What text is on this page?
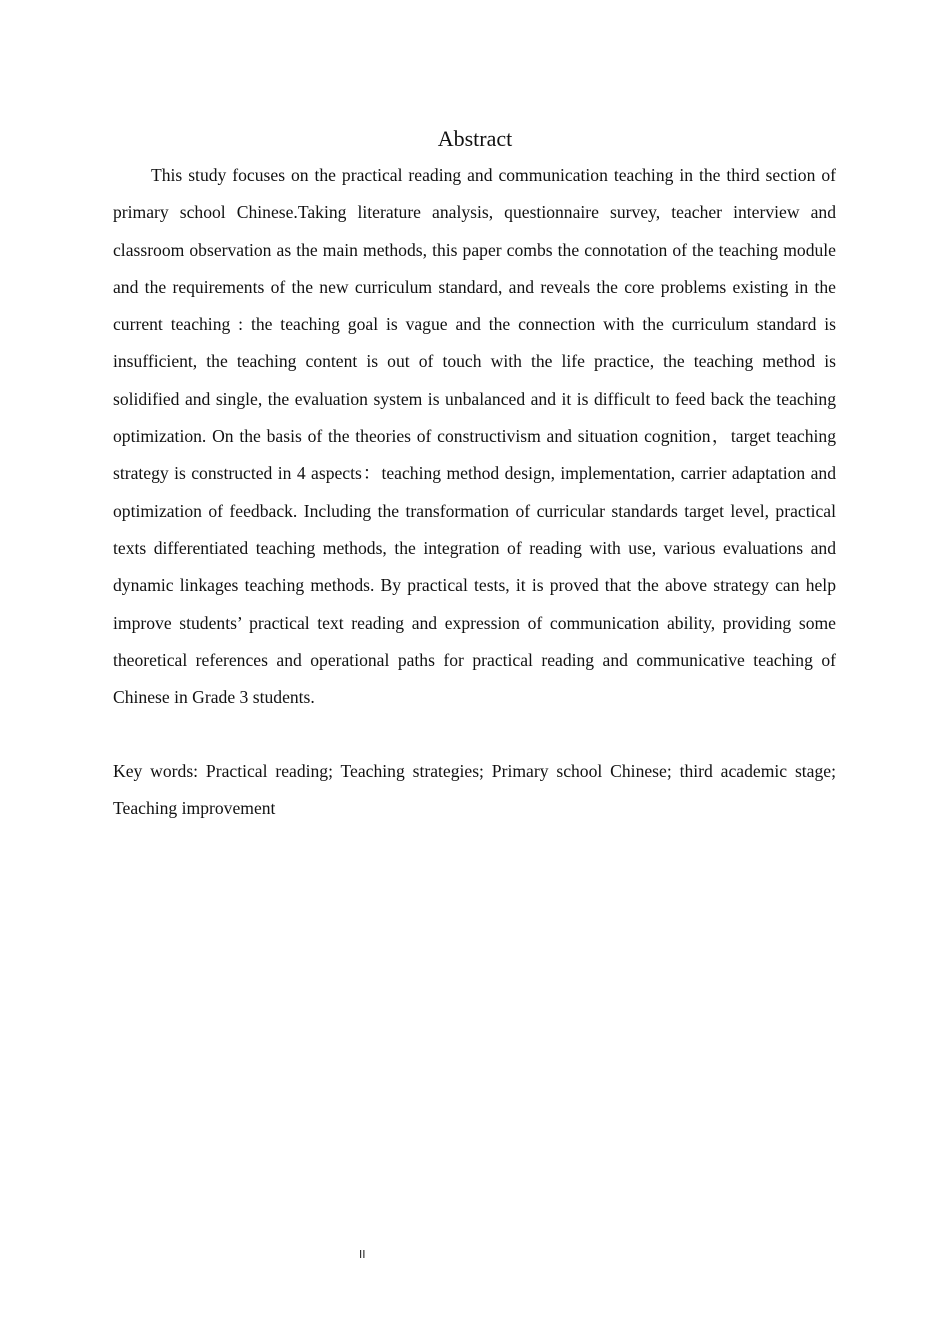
Abstract

This study focuses on the practical reading and communication teaching in the third section of primary school Chinese.Taking literature analysis, questionnaire survey, teacher interview and classroom observation as the main methods, this paper combs the connotation of the teaching module and the requirements of the new curriculum standard, and reveals the core problems existing in the current teaching : the teaching goal is vague and the connection with the curriculum standard is insufficient, the teaching content is out of touch with the life practice, the teaching method is solidified and single, the evaluation system is unbalanced and it is difficult to feed back the teaching optimization. On the basis of the theories of constructivism and situation cognition，target teaching strategy is constructed in 4 aspects：teaching method design, implementation, carrier adaptation and optimization of feedback. Including the transformation of curricular standards target level, practical texts differentiated teaching methods, the integration of reading with use, various evaluations and dynamic linkages teaching methods. By practical tests, it is proved that the above strategy can help improve students’ practical text reading and expression of communication ability, providing some theoretical references and operational paths for practical reading and communicative teaching of Chinese in Grade 3 students.

Key words: Practical reading; Teaching strategies; Primary school Chinese; third academic stage; Teaching improvement

II
